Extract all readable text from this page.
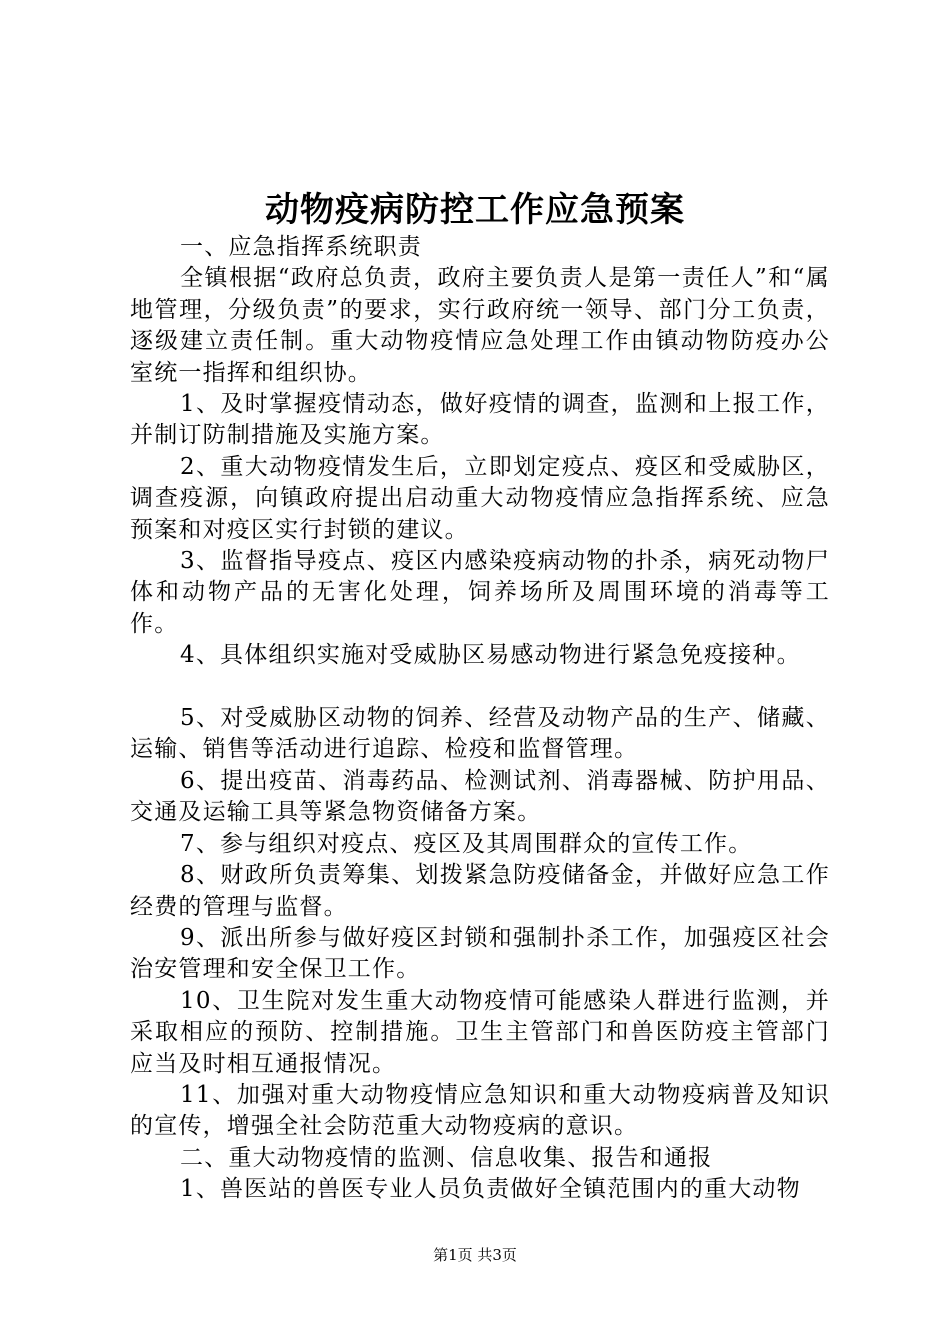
动物疫病防控工作应急预案

一、应急指挥系统职责

全镇根据“政府总负责，政府主要负责人是第一责任人”和“属地管理，分级负责”的要求，实行政府统一领导、部门分工负责，逐级建立责任制。重大动物疫情应急处理工作由镇动物防疫办公室统一指挥和组织协。

1、及时掌握疫情动态，做好疫情的调查，监测和上报工作，并制订防制措施及实施方案。

2、重大动物疫情发生后，立即划定疫点、疫区和受威胁区，调查疫源，向镇政府提出启动重大动物疫情应急指挥系统、应急预案和对疫区实行封锁的建议。

3、监督指导疫点、疫区内感染疫病动物的扑杀，病死动物尸体和动物产品的无害化处理，饲养场所及周围环境的消毒等工作。

4、具体组织实施对受威胁区易感动物进行紧急免疫接种。

5、对受威胁区动物的饲养、经营及动物产品的生产、储藏、运输、销售等活动进行追踪、检疫和监督管理。

6、提出疫苗、消毒药品、检测试剂、消毒器械、防护用品、交通及运输工具等紧急物资储备方案。

7、参与组织对疫点、疫区及其周围群众的宣传工作。

8、财政所负责筹集、划拨紧急防疫储备金，并做好应急工作经费的管理与监督。

9、派出所参与做好疫区封锁和强制扑杀工作，加强疫区社会治安管理和安全保卫工作。

10、卫生院对发生重大动物疫情可能感染人群进行监测，并采取相应的预防、控制措施。卫生主管部门和兽医防疫主管部门应当及时相互通报情况。

11、加强对重大动物疫情应急知识和重大动物疫病普及知识的宣传，增强全社会防范重大动物疫病的意识。

二、重大动物疫情的监测、信息收集、报告和通报

1、兽医站的兽医专业人员负责做好全镇范围内的重大动物

第1页 共3页
